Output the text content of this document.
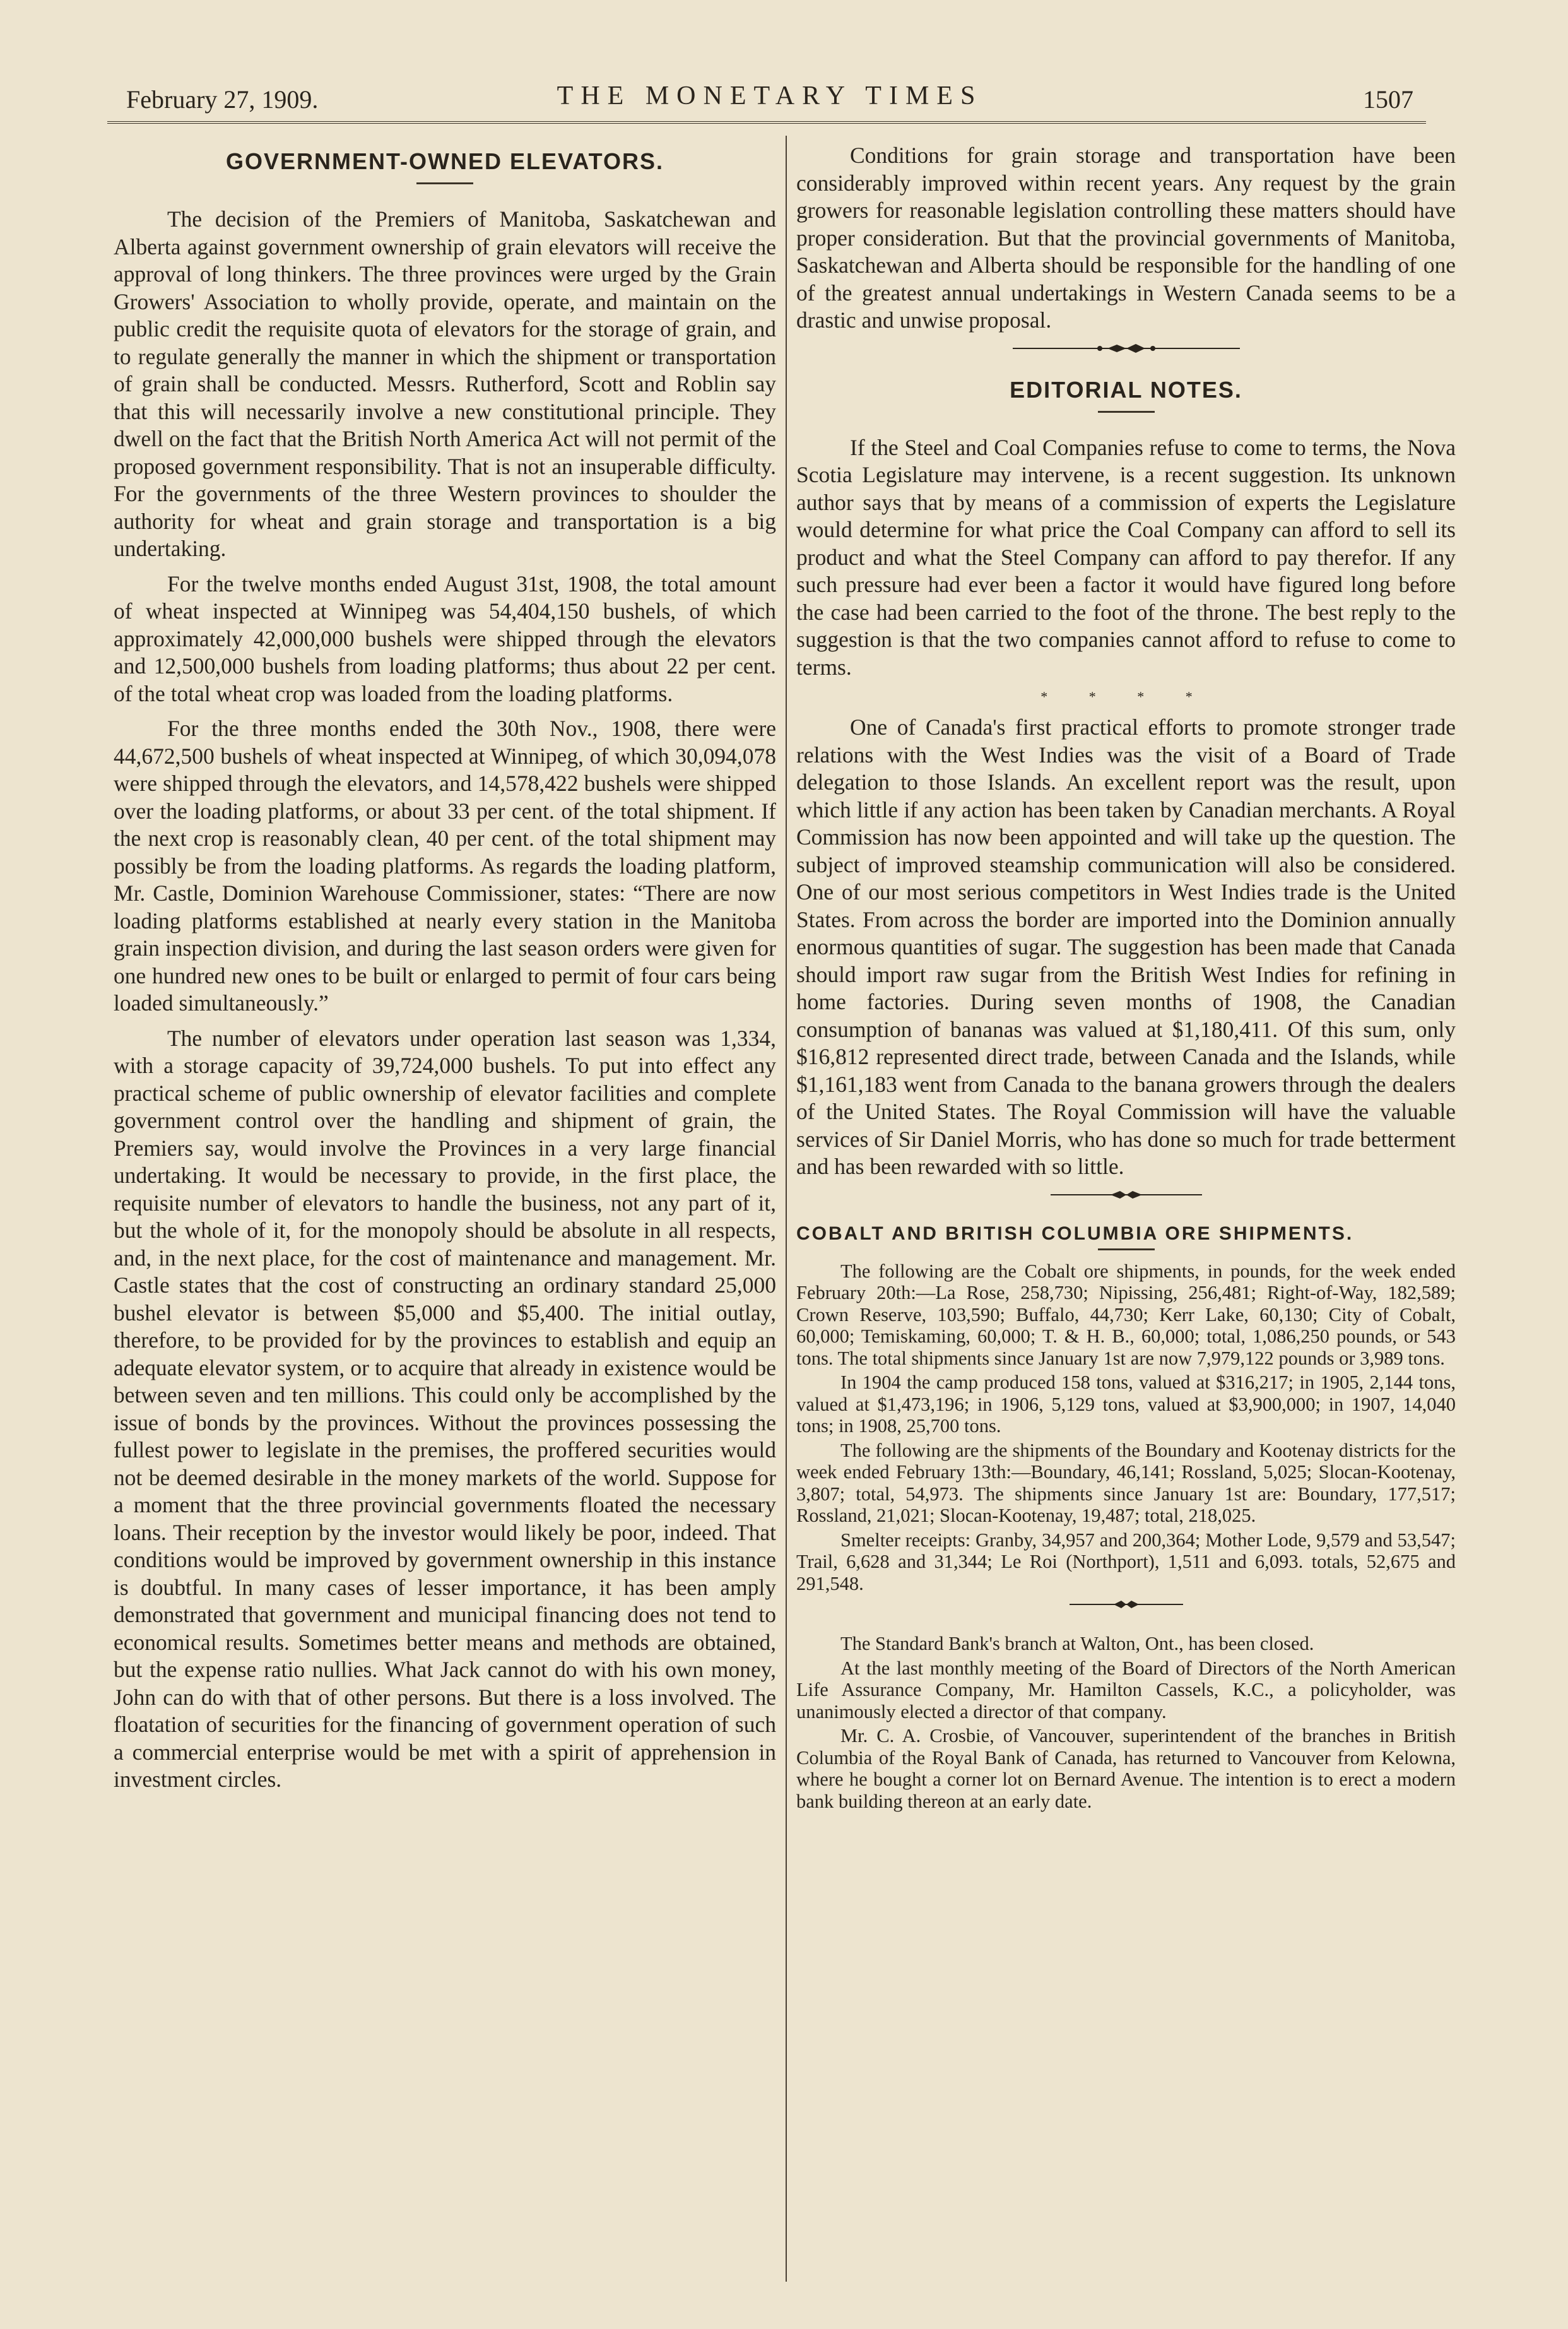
February 27, 1909.	THE MONETARY TIMES	1507
GOVERNMENT-OWNED ELEVATORS.

The decision of the Premiers of Manitoba, Saskatchewan and Alberta against government ownership of grain elevators will receive the approval of long thinkers. The three provinces were urged by the Grain Growers' Association to wholly provide, operate, and maintain on the public credit the requisite quota of elevators for the storage of grain, and to regulate generally the manner in which the shipment or transportation of grain shall be conducted. Messrs. Rutherford, Scott and Roblin say that this will necessarily involve a new constitutional principle. They dwell on the fact that the British North America Act will not permit of the proposed government responsibility. That is not an insuperable difficulty. For the governments of the three Western provinces to shoulder the authority for wheat and grain storage and transportation is a big undertaking.

For the twelve months ended August 31st, 1908, the total amount of wheat inspected at Winnipeg was 54,404,150 bushels, of which approximately 42,000,000 bushels were shipped through the elevators and 12,500,000 bushels from loading platforms; thus about 22 per cent. of the total wheat crop was loaded from the loading platforms.

For the three months ended the 30th Nov., 1908, there were 44,672,500 bushels of wheat inspected at Winnipeg, of which 30,094,078 were shipped through the elevators, and 14,578,422 bushels were shipped over the loading platforms, or about 33 per cent. of the total shipment. If the next crop is reasonably clean, 40 per cent. of the total shipment may possibly be from the loading platforms. As regards the loading platform, Mr. Castle, Dominion Warehouse Commissioner, states: “There are now loading platforms established at nearly every station in the Manitoba grain inspection division, and during the last season orders were given for one hundred new ones to be built or enlarged to permit of four cars being loaded simultaneously.”

The number of elevators under operation last season was 1,334, with a storage capacity of 39,724,000 bushels. To put into effect any practical scheme of public ownership of elevator facilities and complete government control over the handling and shipment of grain, the Premiers say, would involve the Provinces in a very large financial undertaking. It would be necessary to provide, in the first place, the requisite number of elevators to handle the business, not any part of it, but the whole of it, for the monopoly should be absolute in all respects, and, in the next place, for the cost of maintenance and management. Mr. Castle states that the cost of constructing an ordinary standard 25,000 bushel elevator is between $5,000 and $5,400. The initial outlay, therefore, to be provided for by the provinces to establish and equip an adequate elevator system, or to acquire that already in existence would be between seven and ten millions. This could only be accomplished by the issue of bonds by the provinces. Without the provinces possessing the fullest power to legislate in the premises, the proffered securities would not be deemed desirable in the money markets of the world. Suppose for a moment that the three provincial governments floated the necessary loans. Their reception by the investor would likely be poor, indeed. That conditions would be improved by government ownership in this instance is doubtful. In many cases of lesser importance, it has been amply demonstrated that government and municipal financing does not tend to economical results. Sometimes better means and methods are obtained, but the expense ratio nullies. What Jack cannot do with his own money, John can do with that of other persons. But there is a loss involved. The floatation of securities for the financing of government operation of such a commercial enterprise would be met with a spirit of apprehension in investment circles.

Conditions for grain storage and transportation have been considerably improved within recent years. Any request by the grain growers for reasonable legislation controlling these matters should have proper consideration. But that the provincial governments of Manitoba, Saskatchewan and Alberta should be responsible for the handling of one of the greatest annual undertakings in Western Canada seems to be a drastic and unwise proposal.

EDITORIAL NOTES.

If the Steel and Coal Companies refuse to come to terms, the Nova Scotia Legislature may intervene, is a recent suggestion. Its unknown author says that by means of a commission of experts the Legislature would determine for what price the Coal Company can afford to sell its product and what the Steel Company can afford to pay therefor. If any such pressure had ever been a factor it would have figured long before the case had been carried to the foot of the throne. The best reply to the suggestion is that the two companies cannot afford to refuse to come to terms.

* * * *

One of Canada's first practical efforts to promote stronger trade relations with the West Indies was the visit of a Board of Trade delegation to those Islands. An excellent report was the result, upon which little if any action has been taken by Canadian merchants. A Royal Commission has now been appointed and will take up the question. The subject of improved steamship communication will also be considered. One of our most serious competitors in West Indies trade is the United States. From across the border are imported into the Dominion annually enormous quantities of sugar. The suggestion has been made that Canada should import raw sugar from the British West Indies for refining in home factories. During seven months of 1908, the Canadian consumption of bananas was valued at $1,180,411. Of this sum, only $16,812 represented direct trade, between Canada and the Islands, while $1,161,183 went from Canada to the banana growers through the dealers of the United States. The Royal Commission will have the valuable services of Sir Daniel Morris, who has done so much for trade betterment and has been rewarded with so little.

COBALT AND BRITISH COLUMBIA ORE SHIPMENTS.

The following are the Cobalt ore shipments, in pounds, for the week ended February 20th:—La Rose, 258,730; Nipissing, 256,481; Right-of-Way, 182,589; Crown Reserve, 103,590; Buffalo, 44,730; Kerr Lake, 60,130; City of Cobalt, 60,000; Temiskaming, 60,000; T. & H. B., 60,000; total, 1,086,250 pounds, or 543 tons. The total shipments since January 1st are now 7,979,122 pounds or 3,989 tons.

In 1904 the camp produced 158 tons, valued at $316,217; in 1905, 2,144 tons, valued at $1,473,196; in 1906, 5,129 tons, valued at $3,900,000; in 1907, 14,040 tons; in 1908, 25,700 tons.

The following are the shipments of the Boundary and Kootenay districts for the week ended February 13th:—Boundary, 46,141; Rossland, 5,025; Slocan-Kootenay, 3,807; total, 54,973. The shipments since January 1st are: Boundary, 177,517; Rossland, 21,021; Slocan-Kootenay, 19,487; total, 218,025.

Smelter receipts: Granby, 34,957 and 200,364; Mother Lode, 9,579 and 53,547; Trail, 6,628 and 31,344; Le Roi (Northport), 1,511 and 6,093. totals, 52,675 and 291,548.

The Standard Bank's branch at Walton, Ont., has been closed.

At the last monthly meeting of the Board of Directors of the North American Life Assurance Company, Mr. Hamilton Cassels, K.C., a policyholder, was unanimously elected a director of that company.

Mr. C. A. Crosbie, of Vancouver, superintendent of the branches in British Columbia of the Royal Bank of Canada, has returned to Vancouver from Kelowna, where he bought a corner lot on Bernard Avenue. The intention is to erect a modern bank building thereon at an early date.
